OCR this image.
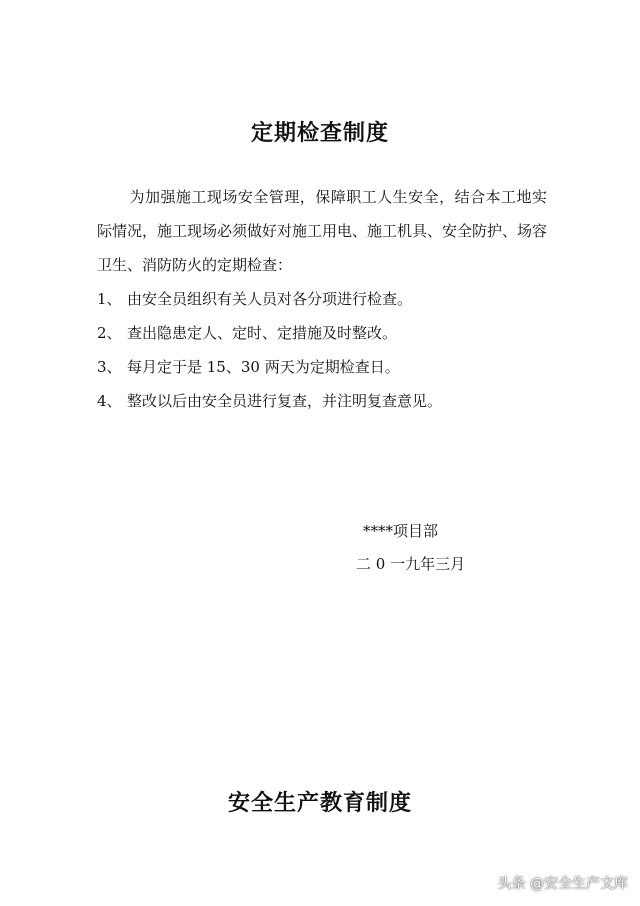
定期检查制度

为加强施工现场安全管理，保障职工人生安全，结合本工地实际情况，施工现场必须做好对施工用电、施工机具、安全防护、场容卫生、消防防火的定期检查：

1、 由安全员组织有关人员对各分项进行检查。
2、 查出隐患定人、定时、定措施及时整改。
3、 每月定于是 15、30 两天为定期检查日。
4、 整改以后由安全员进行复查，并注明复查意见。
****项目部
二 0 一九年三月
安全生产教育制度
头条 @安全生产文库
